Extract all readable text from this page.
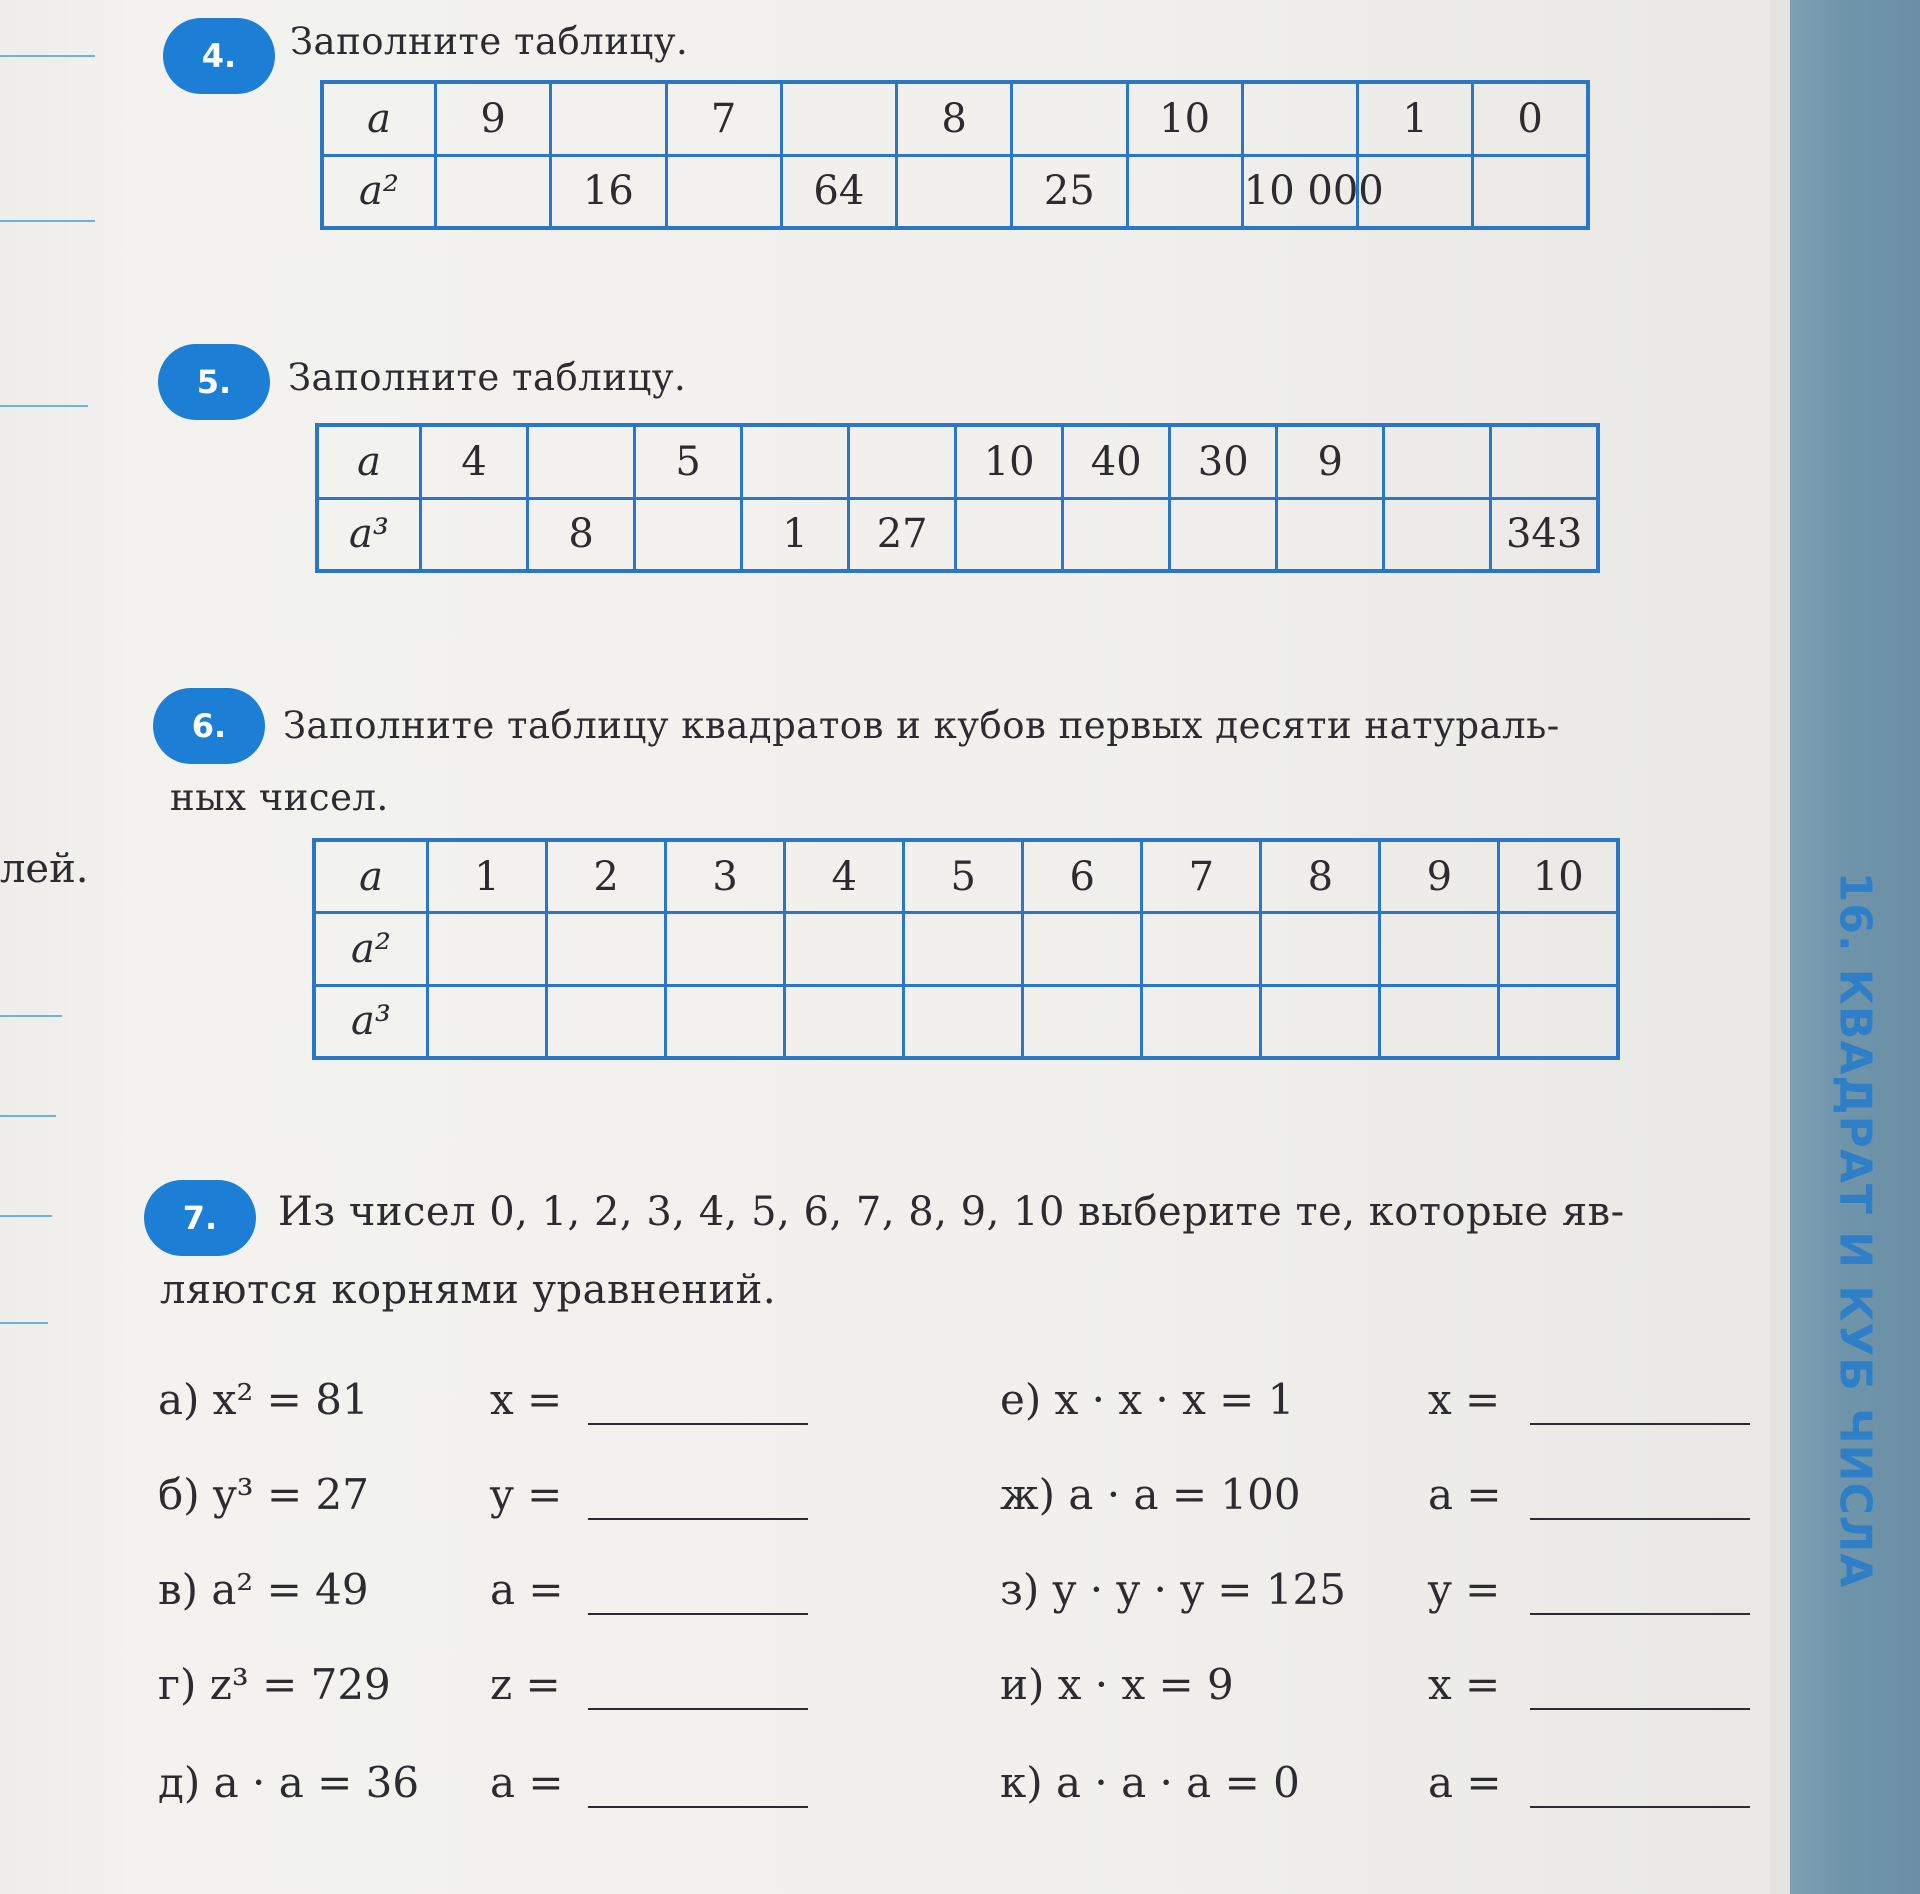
лей.
4. Заполните таблицу.
a	9		7		8		10		1	0
a²		16		64		25		10 000		
5. Заполните таблицу.
a	4		5			10	40	30	9		
a³		8		1	27						343
6. Заполните таблицу квадратов и кубов первых десяти натураль-
ных чисел.
a	1	2	3	4	5	6	7	8	9	10
a²										
a³										
7. Из чисел 0, 1, 2, 3, 4, 5, 6, 7, 8, 9, 10 выберите те, которые яв-
ляются корнями уравнений.
а) x² = 81	x =
б) y³ = 27	y =
в) a² = 49	a =
г) z³ = 729 z =
д) a · a = 36 a =
е) x · x · x = 1	x =
ж) a · a = 100	a =
з) y · y · y = 125 y =
и) x · x = 9	x =
к) a · a · a = 0	a =
16. КВАДРАТ И КУБ ЧИСЛА
